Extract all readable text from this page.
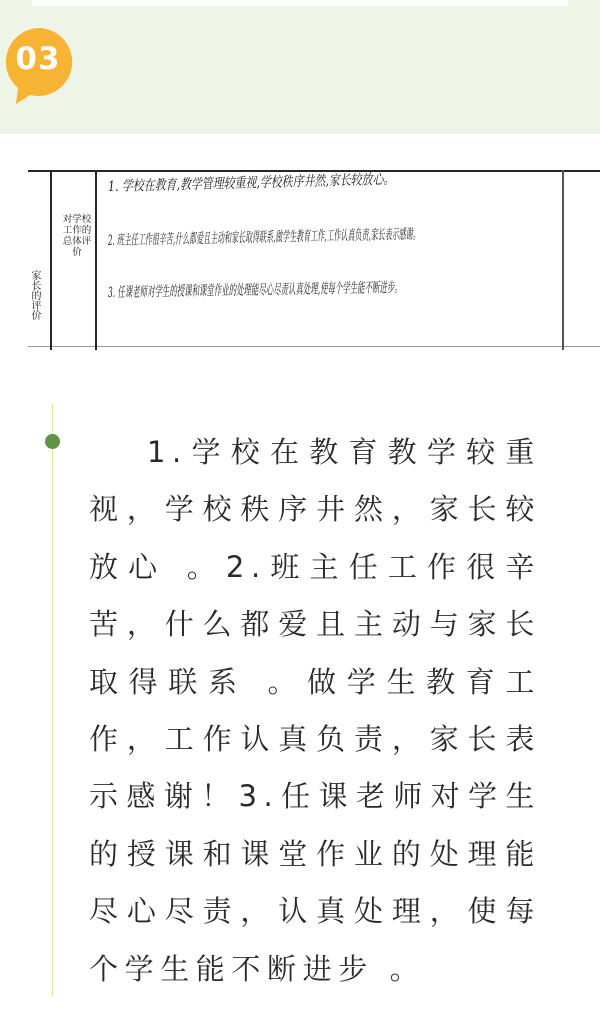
03
家长的评价
对学校工作的总体评价
1. 学校在教育,教学管理较重视,学校秩序井然,家长较放心。
2. 班主任工作很辛苦,什么都爱且主动和家长取得联系,做学生教育工作,工作认真负责,家长表示感谢。
3. 任课老师对学生的授课和课堂作业的处理能尽心尽责认真处理,使每个学生能不断进步。

1.学校在教育教学较重视，学校秩序井然，家长较放心 。2.班主任工作很辛苦，什么都爱且主动与家长取得联系 。做学生教育工作，工作认真负责，家长表示感谢！3.任课老师对学生的授课和课堂作业的处理能尽心尽责，认真处理，使每个学生能不断进步 。
